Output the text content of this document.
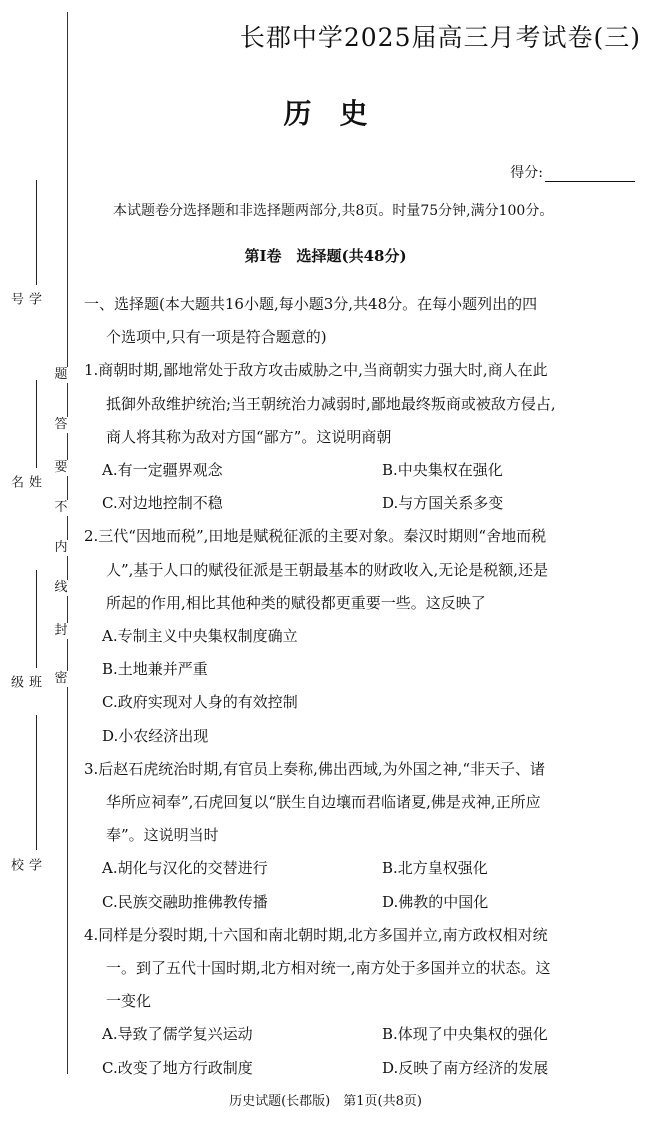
题
答
要
不
内
线
封
密
学号
姓名
班级
学校
长郡中学2025届高三月考试卷(三)
历　史
得分:
本试题卷分选择题和非选择题两部分,共8页。时量75分钟,满分100分。
第Ⅰ卷　选择题(共48分)

一、选择题(本大题共16小题,每小题3分,共48分。在每小题列出的四

个选项中,只有一项是符合题意的)

1.商朝时期,鄙地常处于敌方攻击威胁之中,当商朝实力强大时,商人在此

抵御外敌维护统治;当王朝统治力减弱时,鄙地最终叛商或被敌方侵占,

商人将其称为敌对方国“鄙方”。这说明商朝

A.有一定疆界观念	B.中央集权在强化
C.对边地控制不稳	D.与方国关系多变

2.三代“因地而税”,田地是赋税征派的主要对象。秦汉时期则“舍地而税

人”,基于人口的赋役征派是王朝最基本的财政收入,无论是税额,还是

所起的作用,相比其他种类的赋役都更重要一些。这反映了

A.专制主义中央集权制度确立

B.土地兼并严重

C.政府实现对人身的有效控制

D.小农经济出现

3.后赵石虎统治时期,有官员上奏称,佛出西域,为外国之神,“非天子、诸

华所应祠奉”,石虎回复以“朕生自边壤而君临诸夏,佛是戎神,正所应

奉”。这说明当时

A.胡化与汉化的交替进行	B.北方皇权强化
C.民族交融助推佛教传播	D.佛教的中国化

4.同样是分裂时期,十六国和南北朝时期,北方多国并立,南方政权相对统

一。到了五代十国时期,北方相对统一,南方处于多国并立的状态。这

一变化

A.导致了儒学复兴运动	B.体现了中央集权的强化
C.改变了地方行政制度	D.反映了南方经济的发展
历史试题(长郡版)　第1页(共8页)
